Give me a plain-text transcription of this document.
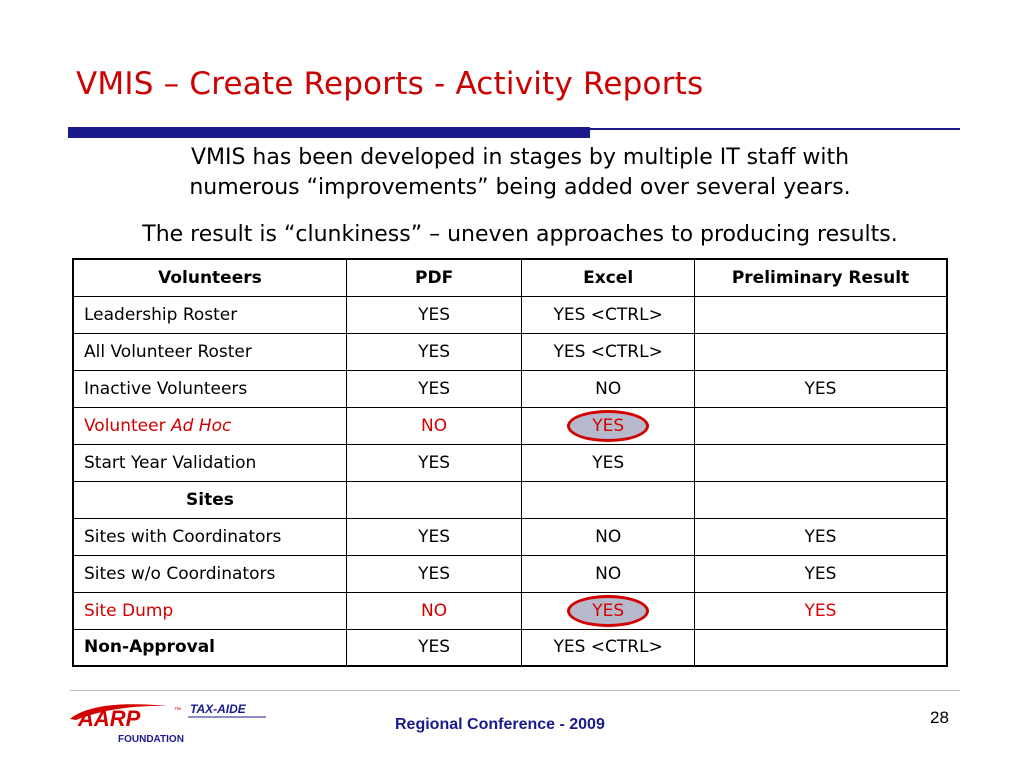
VMIS – Create Reports - Activity Reports
VMIS has been developed in stages by multiple IT staff with
numerous “improvements” being added over several years.
The result is “clunkiness” – uneven approaches to producing results.
Volunteers	PDF	Excel	Preliminary Result
Leadership Roster	YES	YES <CTRL>	
All Volunteer Roster	YES	YES <CTRL>	
Inactive Volunteers	YES	NO	YES
Volunteer Ad Hoc	NO	YES	
Start Year Validation	YES	YES	
Sites			
Sites with Coordinators	YES	NO	YES
Sites w/o Coordinators	YES	NO	YES
Site Dump	NO	YES	YES
Non-Approval	YES	YES <CTRL>	
AARP	™
FOUNDATION
TAX-AIDE
Regional Conference - 2009	28
